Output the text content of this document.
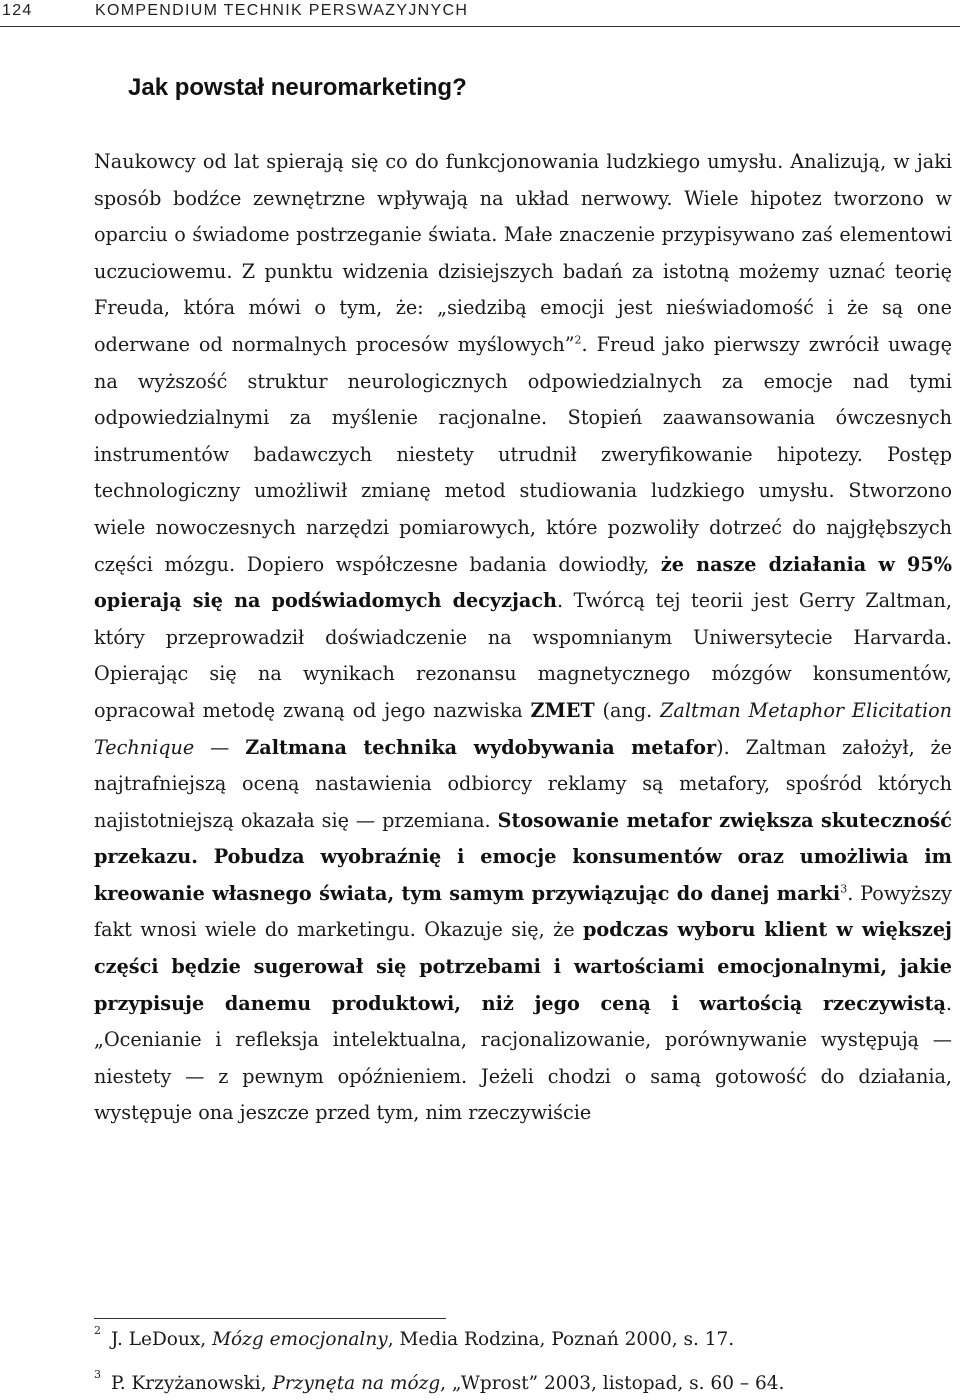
124	KOMPENDIUM TECHNIK PERSWAZYJNYCH
Jak powstał neuromarketing?
Naukowcy od lat spierają się co do funkcjonowania ludzkiego umysłu. Analizują, w jaki sposób bodźce zewnętrzne wpływają na układ nerwowy. Wiele hipotez tworzono w oparciu o świadome postrzeganie świata. Małe znaczenie przypisywano zaś elementowi uczuciowemu. Z punktu widzenia dzisiejszych badań za istotną możemy uznać teorię Freuda, która mówi o tym, że: „siedzibą emocji jest nieświadomość i że są one oderwane od normalnych procesów myślowych”$^2$. Freud jako pierwszy zwrócił uwagę na wyższość struktur neurologicznych odpowiedzialnych za emocje nad tymi odpowiedzialnymi za myślenie racjonalne. Stopień zaawansowania ówczesnych instrumentów badawczych niestety utrudnił zweryfikowanie hipotezy. Postęp technologiczny umożliwił zmianę metod studiowania ludzkiego umysłu. Stworzono wiele nowoczesnych narzędzi pomiarowych, które pozwoliły dotrzeć do najgłębszych części mózgu. Dopiero współczesne badania dowiodły, że nasze działania w 95% opierają się na podświadomych decyzjach. Twórcą tej teorii jest Gerry Zaltman, który przeprowadził doświadczenie na wspomnianym Uniwersytecie Harvarda. Opierając się na wynikach rezonansu magnetycznego mózgów konsumentów, opracował metodę zwaną od jego nazwiska ZMET (ang. Zaltman Metaphor Elicitation Technique — Zaltmana technika wydobywania metafor). Zaltman założył, że najtrafniejszą oceną nastawienia odbiorcy reklamy są metafory, spośród których najistotniejszą okazała się — przemiana. Stosowanie metafor zwiększa skuteczność przekazu. Pobudza wyobraźnię i emocje konsumentów oraz umożliwia im kreowanie własnego świata, tym samym przywiązując do danej marki$^3$. Powyższy fakt wnosi wiele do marketingu. Okazuje się, że podczas wyboru klient w większej części będzie sugerował się potrzebami i wartościami emocjonalnymi, jakie przypisuje danemu produktowi, niż jego ceną i wartością rzeczywistą. „Ocenianie i refleksja intelektualna, racjonalizowanie, porównywanie występują — niestety — z pewnym opóźnieniem. Jeżeli chodzi o samą gotowość do działania, występuje ona jeszcze przed tym, nim rzeczywiście
$^2$ J. LeDoux, Mózg emocjonalny, Media Rodzina, Poznań 2000, s. 17.
$^3$ P. Krzyżanowski, Przynęta na mózg, „Wprost” 2003, listopad, s. 60 – 64.
